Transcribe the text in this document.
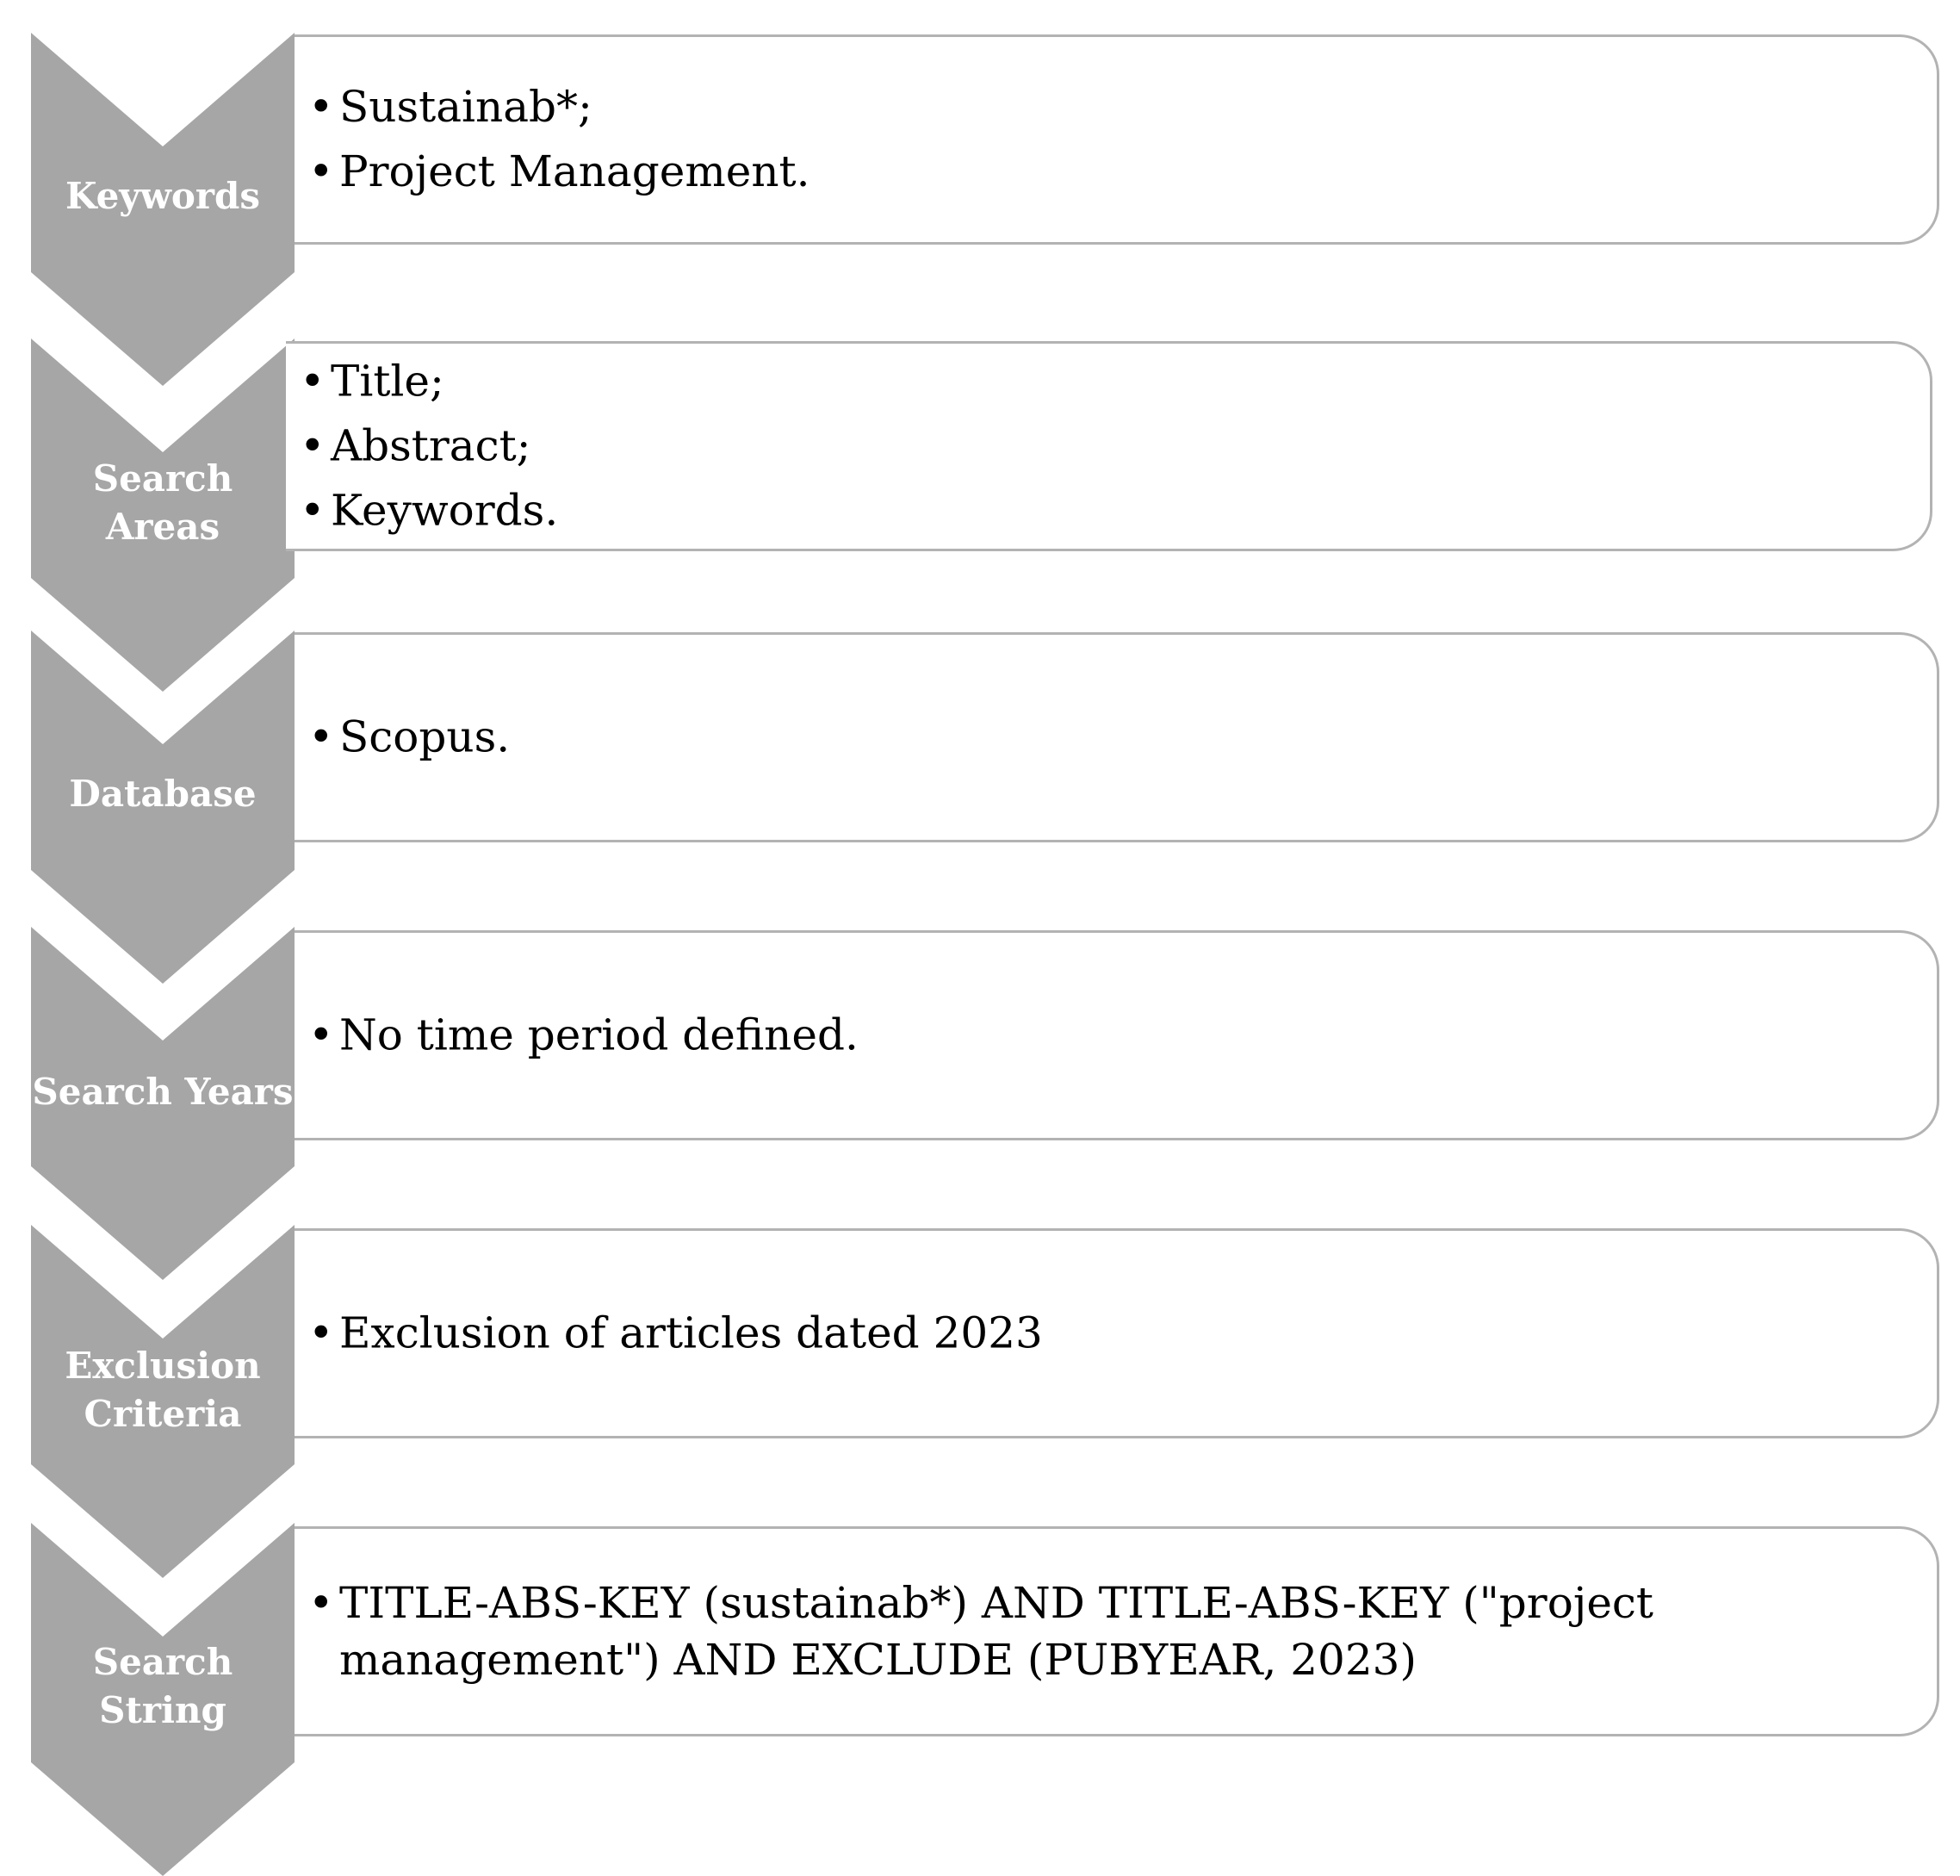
Keywords
• Sustainab*;
• Project Management.
Search
Areas
• Title;
• Abstract;
• Keywords.
Database
• Scopus.
Search Years
• No time period defined.
Exclusion
Criteria
• Exclusion of articles dated 2023
Search
String
• TITLE-ABS-KEY (sustainab*) AND TITLE-ABS-KEY ("project management") AND EXCLUDE (PUBYEAR, 2023)
